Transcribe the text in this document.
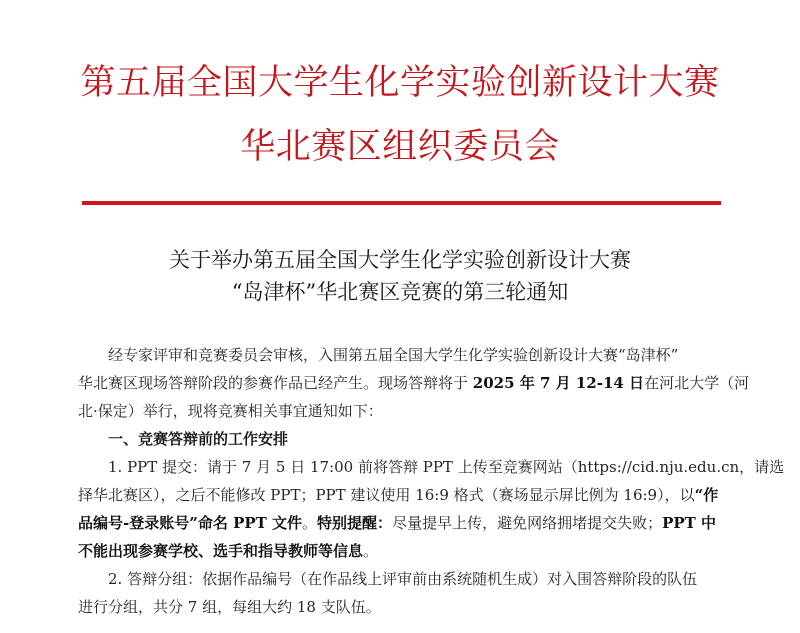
第五届全国大学生化学实验创新设计大赛
华北赛区组织委员会
关于举办第五届全国大学生化学实验创新设计大赛
“岛津杯”华北赛区竞赛的第三轮通知
经专家评审和竞赛委员会审核，入围第五届全国大学生化学实验创新设计大赛“岛津杯”
华北赛区现场答辩阶段的参赛作品已经产生。现场答辩将于 2025 年 7 月 12-14 日在河北大学（河
北·保定）举行，现将竞赛相关事宜通知如下：
一、竞赛答辩前的工作安排
1. PPT 提交：请于 7 月 5 日 17:00 前将答辩 PPT 上传至竞赛网站（https://cid.nju.edu.cn，请选
择华北赛区），之后不能修改 PPT；PPT 建议使用 16:9 格式（赛场显示屏比例为 16:9），以“作
品编号-登录账号”命名 PPT 文件。特别提醒：尽量提早上传，避免网络拥堵提交失败；PPT 中
不能出现参赛学校、选手和指导教师等信息。
2. 答辩分组：依据作品编号（在作品线上评审前由系统随机生成）对入围答辩阶段的队伍
进行分组，共分 7 组，每组大约 18 支队伍。
